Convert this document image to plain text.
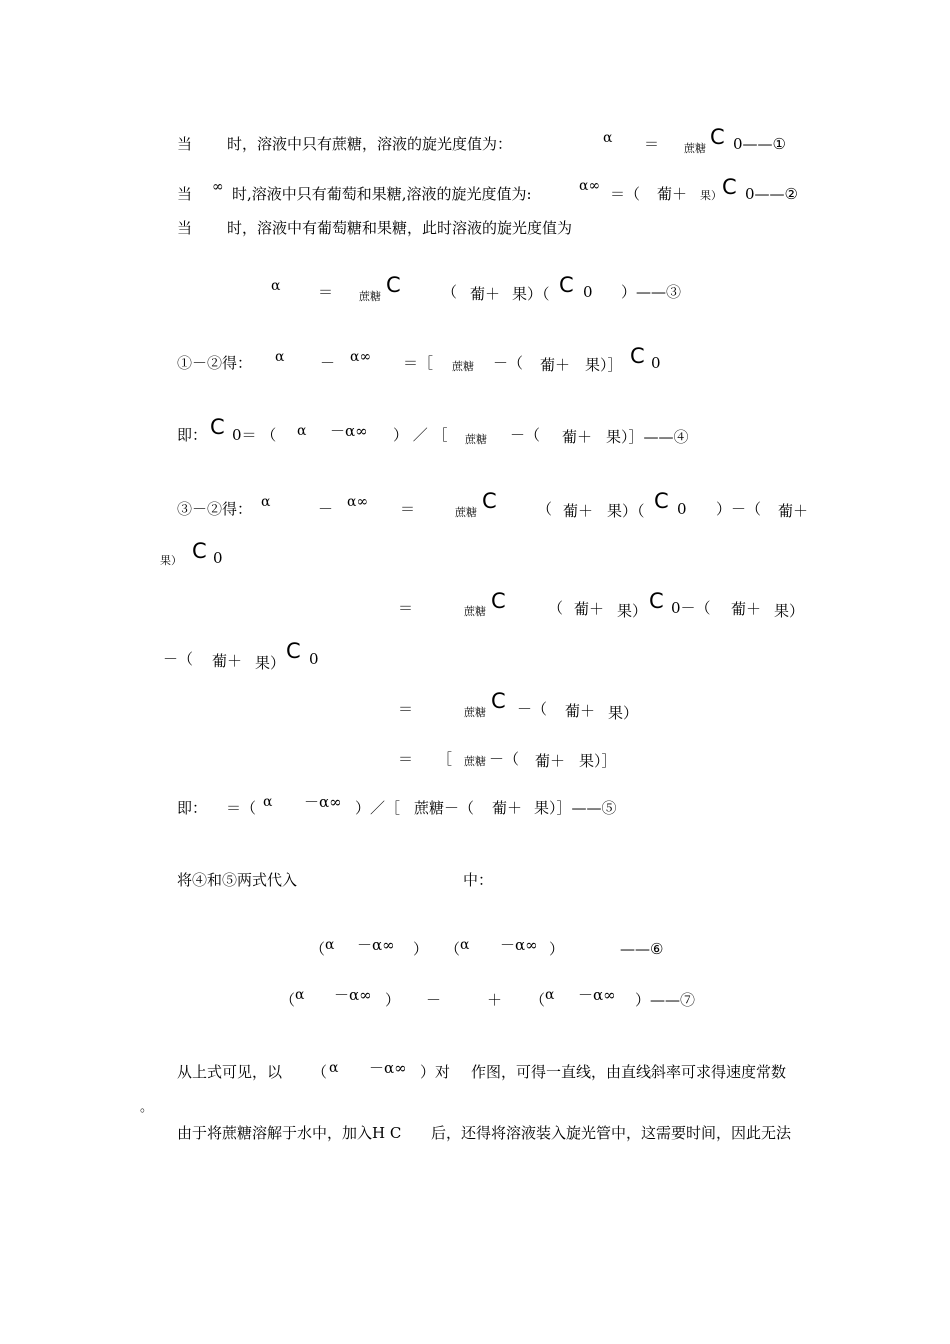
当 时，溶液中只有蔗糖，溶液的旋光度值为：	α ＝ 蔗糖 C 0——①
当 ∞ 时,溶液中只有葡萄和果糖,溶液的旋光度值为:	α∞ ＝（ 葡＋ 果） C 0——②
当 时，溶液中有葡萄糖和果糖，此时溶液的旋光度值为
α	＝ 蔗糖 C	（ 葡＋ 果）（ C 0 ）——③
①－②得： α － α∞ ＝［ 蔗糖 －（ 葡＋ 果）］ C 0
即： C 0＝ （ α －α∞ ） ／ ［ 蔗糖 －（ 葡＋ 果）］——④
③－②得： α	－ α∞ ＝	蔗糖 C	（ 葡＋ 果）（ C 0 ）－（ 葡＋
果） C 0
＝	蔗糖 C	（ 葡＋ 果） C 0－（ 葡＋ 果）
－（ 葡＋ 果） C 0
＝	蔗糖 C －（ 葡＋ 果）
＝ ［ 蔗糖 －（ 葡＋ 果）］
即： ＝（ α －α∞ ）／［ 蔗糖－（ 葡＋ 果）］——⑤
将④和⑤两式代入	中：
（ α －α∞ ） （ α －α∞ ）	——⑥
（ α －α∞ ） －	＋ （ α －α∞ ）——⑦
从上式可见，以 （ α －α∞ ）对 作图，可得一直线，由直线斜率可求得速度常数
。
由于将蔗糖溶解于水中，加入H C 后，还得将溶液装入旋光管中，这需要时间，因此无法
